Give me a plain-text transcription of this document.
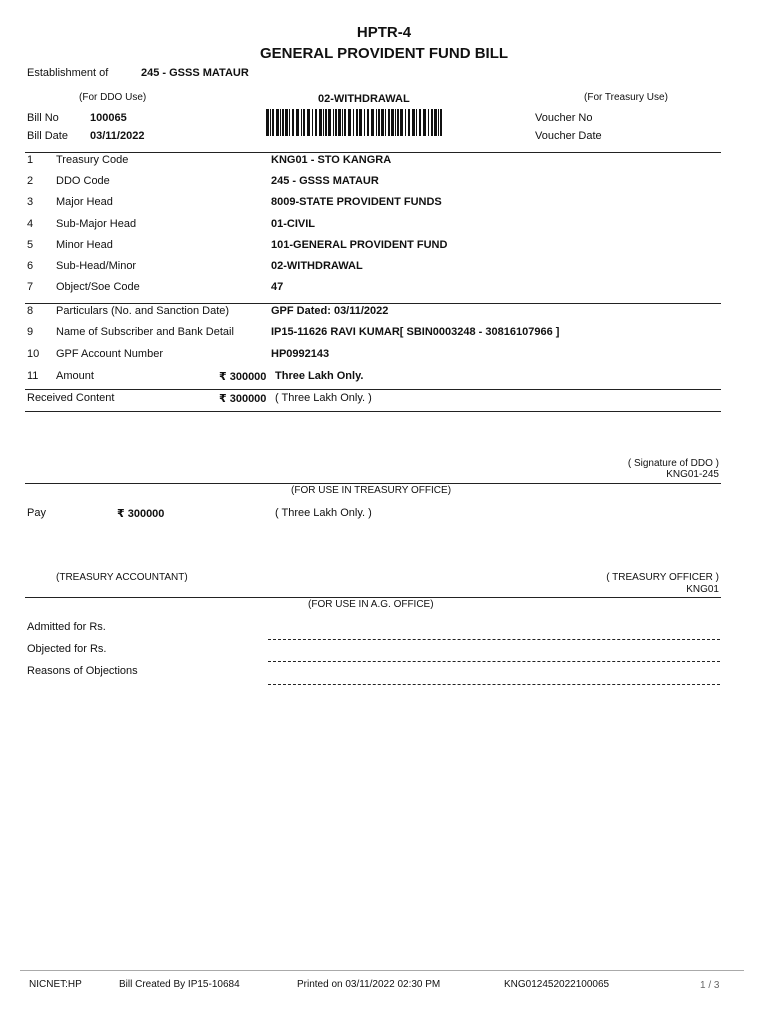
HPTR-4
GENERAL PROVIDENT FUND BILL
Establishment of	245 - GSSS MATAUR
(For DDO Use)	02-WITHDRAWAL	(For Treasury Use)
Bill No	100065
Bill Date 03/11/2022
Voucher No
Voucher Date
1 Treasury Code	KNG01 - STO KANGRA
2 DDO Code	245 - GSSS MATAUR
3 Major Head	8009-STATE PROVIDENT FUNDS
4 Sub-Major Head	01-CIVIL
5 Minor Head	101-GENERAL PROVIDENT FUND
6 Sub-Head/Minor	02-WITHDRAWAL
7 Object/Soe Code	47
8 Particulars (No. and Sanction Date)	GPF Dated: 03/11/2022
9 Name of Subscriber and Bank Detail	IP15-11626 RAVI KUMAR[ SBIN0003248 - 30816107966 ]
10 GPF Account Number	HP0992143
11 Amount	₹ 300000 Three Lakh Only.
Received Content	₹ 300000 ( Three Lakh Only. )
( Signature of DDO )
KNG01-245
(FOR USE IN TREASURY OFFICE)
Pay	₹ 300000	( Three Lakh Only. )
(TREASURY ACCOUNTANT)	( TREASURY OFFICER )
KNG01
(FOR USE IN A.G. OFFICE)
Admitted for Rs.
Objected for Rs.
Reasons of Objections
NICNET:HP	Bill Created By IP15-10684	Printed on 03/11/2022 02:30 PM	KNG012452022100065	1 / 3
